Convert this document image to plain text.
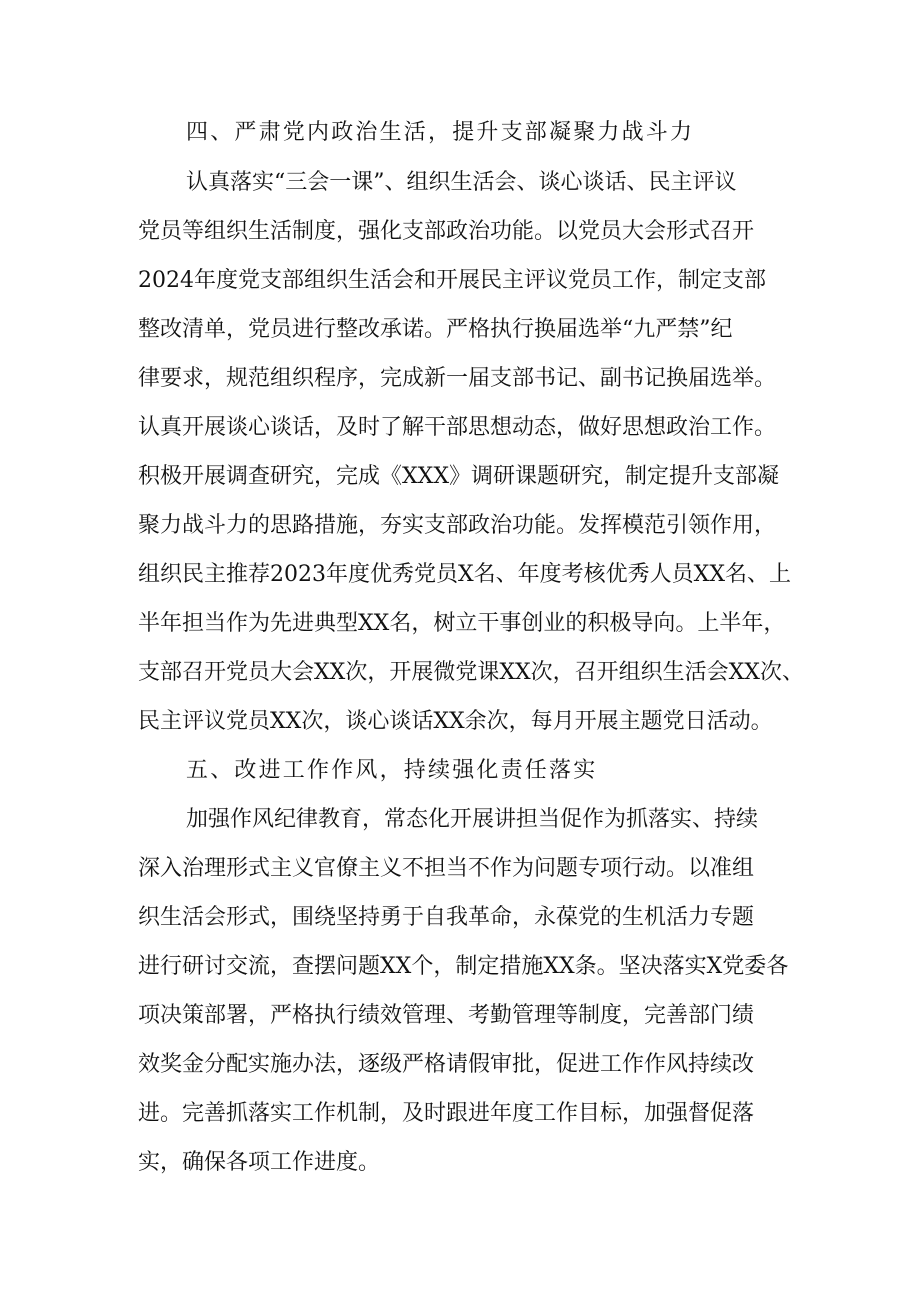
四、严肃党内政治生活，提升支部凝聚力战斗力
认真落实“三会一课”、组织生活会、谈心谈话、民主评议
党员等组织生活制度，强化支部政治功能。以党员大会形式召开
2024年度党支部组织生活会和开展民主评议党员工作，制定支部
整改清单，党员进行整改承诺。严格执行换届选举“九严禁”纪
律要求，规范组织程序，完成新一届支部书记、副书记换届选举。
认真开展谈心谈话，及时了解干部思想动态，做好思想政治工作。
积极开展调查研究，完成《XXX》调研课题研究，制定提升支部凝
聚力战斗力的思路措施，夯实支部政治功能。发挥模范引领作用，
组织民主推荐2023年度优秀党员X名、年度考核优秀人员XX名、上
半年担当作为先进典型XX名，树立干事创业的积极导向。上半年，
支部召开党员大会XX次，开展微党课XX次，召开组织生活会XX次、
民主评议党员XX次，谈心谈话XX余次，每月开展主题党日活动。
五、改进工作作风，持续强化责任落实
加强作风纪律教育，常态化开展讲担当促作为抓落实、持续
深入治理形式主义官僚主义不担当不作为问题专项行动。以准组
织生活会形式，围绕坚持勇于自我革命，永葆党的生机活力专题
进行研讨交流，查摆问题XX个，制定措施XX条。坚决落实X党委各
项决策部署，严格执行绩效管理、考勤管理等制度，完善部门绩
效奖金分配实施办法，逐级严格请假审批，促进工作作风持续改
进。完善抓落实工作机制，及时跟进年度工作目标，加强督促落
实，确保各项工作进度。
